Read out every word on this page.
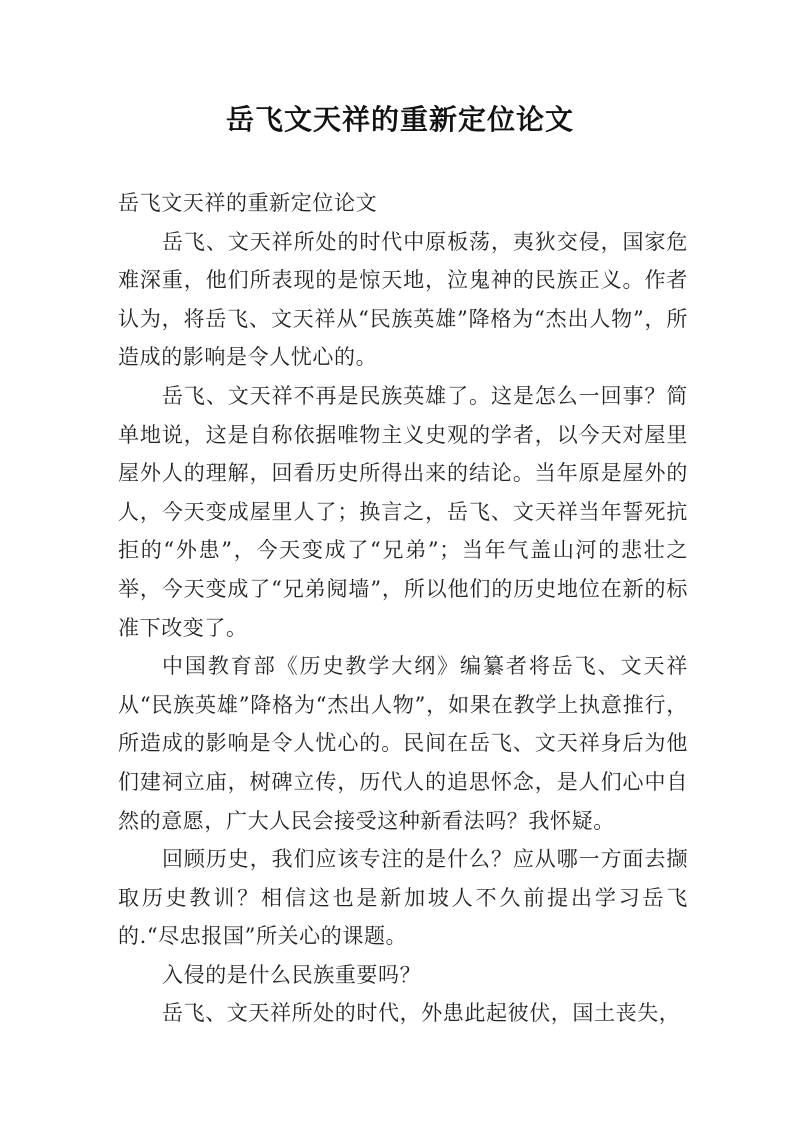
岳飞文天祥的重新定位论文

岳飞文天祥的重新定位论文

岳飞、文天祥所处的时代中原板荡，夷狄交侵，国家危难深重，他们所表现的是惊天地，泣鬼神的民族正义。作者认为，将岳飞、文天祥从“民族英雄”降格为“杰出人物”，所造成的影响是令人忧心的。

岳飞、文天祥不再是民族英雄了。这是怎么一回事？简单地说，这是自称依据唯物主义史观的学者，以今天对屋里屋外人的理解，回看历史所得出来的结论。当年原是屋外的人，今天变成屋里人了；换言之，岳飞、文天祥当年誓死抗拒的“外患”，今天变成了“兄弟”；当年气盖山河的悲壮之举，今天变成了“兄弟阋墙”，所以他们的历史地位在新的标准下改变了。

中国教育部《历史教学大纲》编纂者将岳飞、文天祥从“民族英雄”降格为“杰出人物”，如果在教学上执意推行，所造成的影响是令人忧心的。民间在岳飞、文天祥身后为他们建祠立庙，树碑立传，历代人的追思怀念，是人们心中自然的意愿，广大人民会接受这种新看法吗？我怀疑。

回顾历史，我们应该专注的是什么？应从哪一方面去撷取历史教训？相信这也是新加坡人不久前提出学习岳飞的.“尽忠报国”所关心的课题。

入侵的是什么民族重要吗？

岳飞、文天祥所处的时代，外患此起彼伏，国土丧失，
